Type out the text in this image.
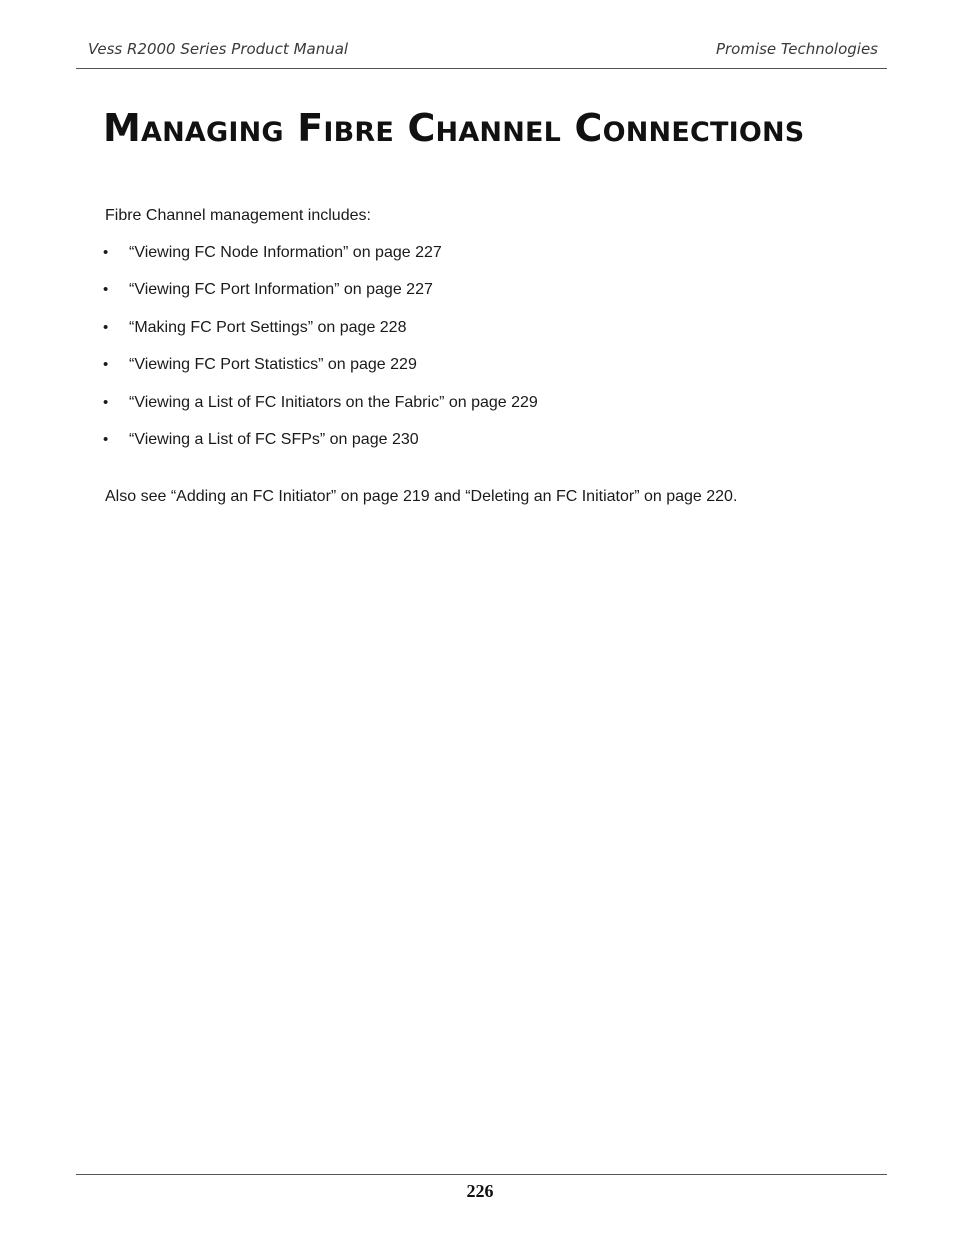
Vess R2000 Series Product Manual	Promise Technologies
Managing Fibre Channel Connections
Fibre Channel management includes:
• “Viewing FC Node Information” on page 227
• “Viewing FC Port Information” on page 227
• “Making FC Port Settings” on page 228
• “Viewing FC Port Statistics” on page 229
• “Viewing a List of FC Initiators on the Fabric” on page 229
• “Viewing a List of FC SFPs” on page 230
Also see “Adding an FC Initiator” on page 219 and “Deleting an FC Initiator” on page 220.
226
